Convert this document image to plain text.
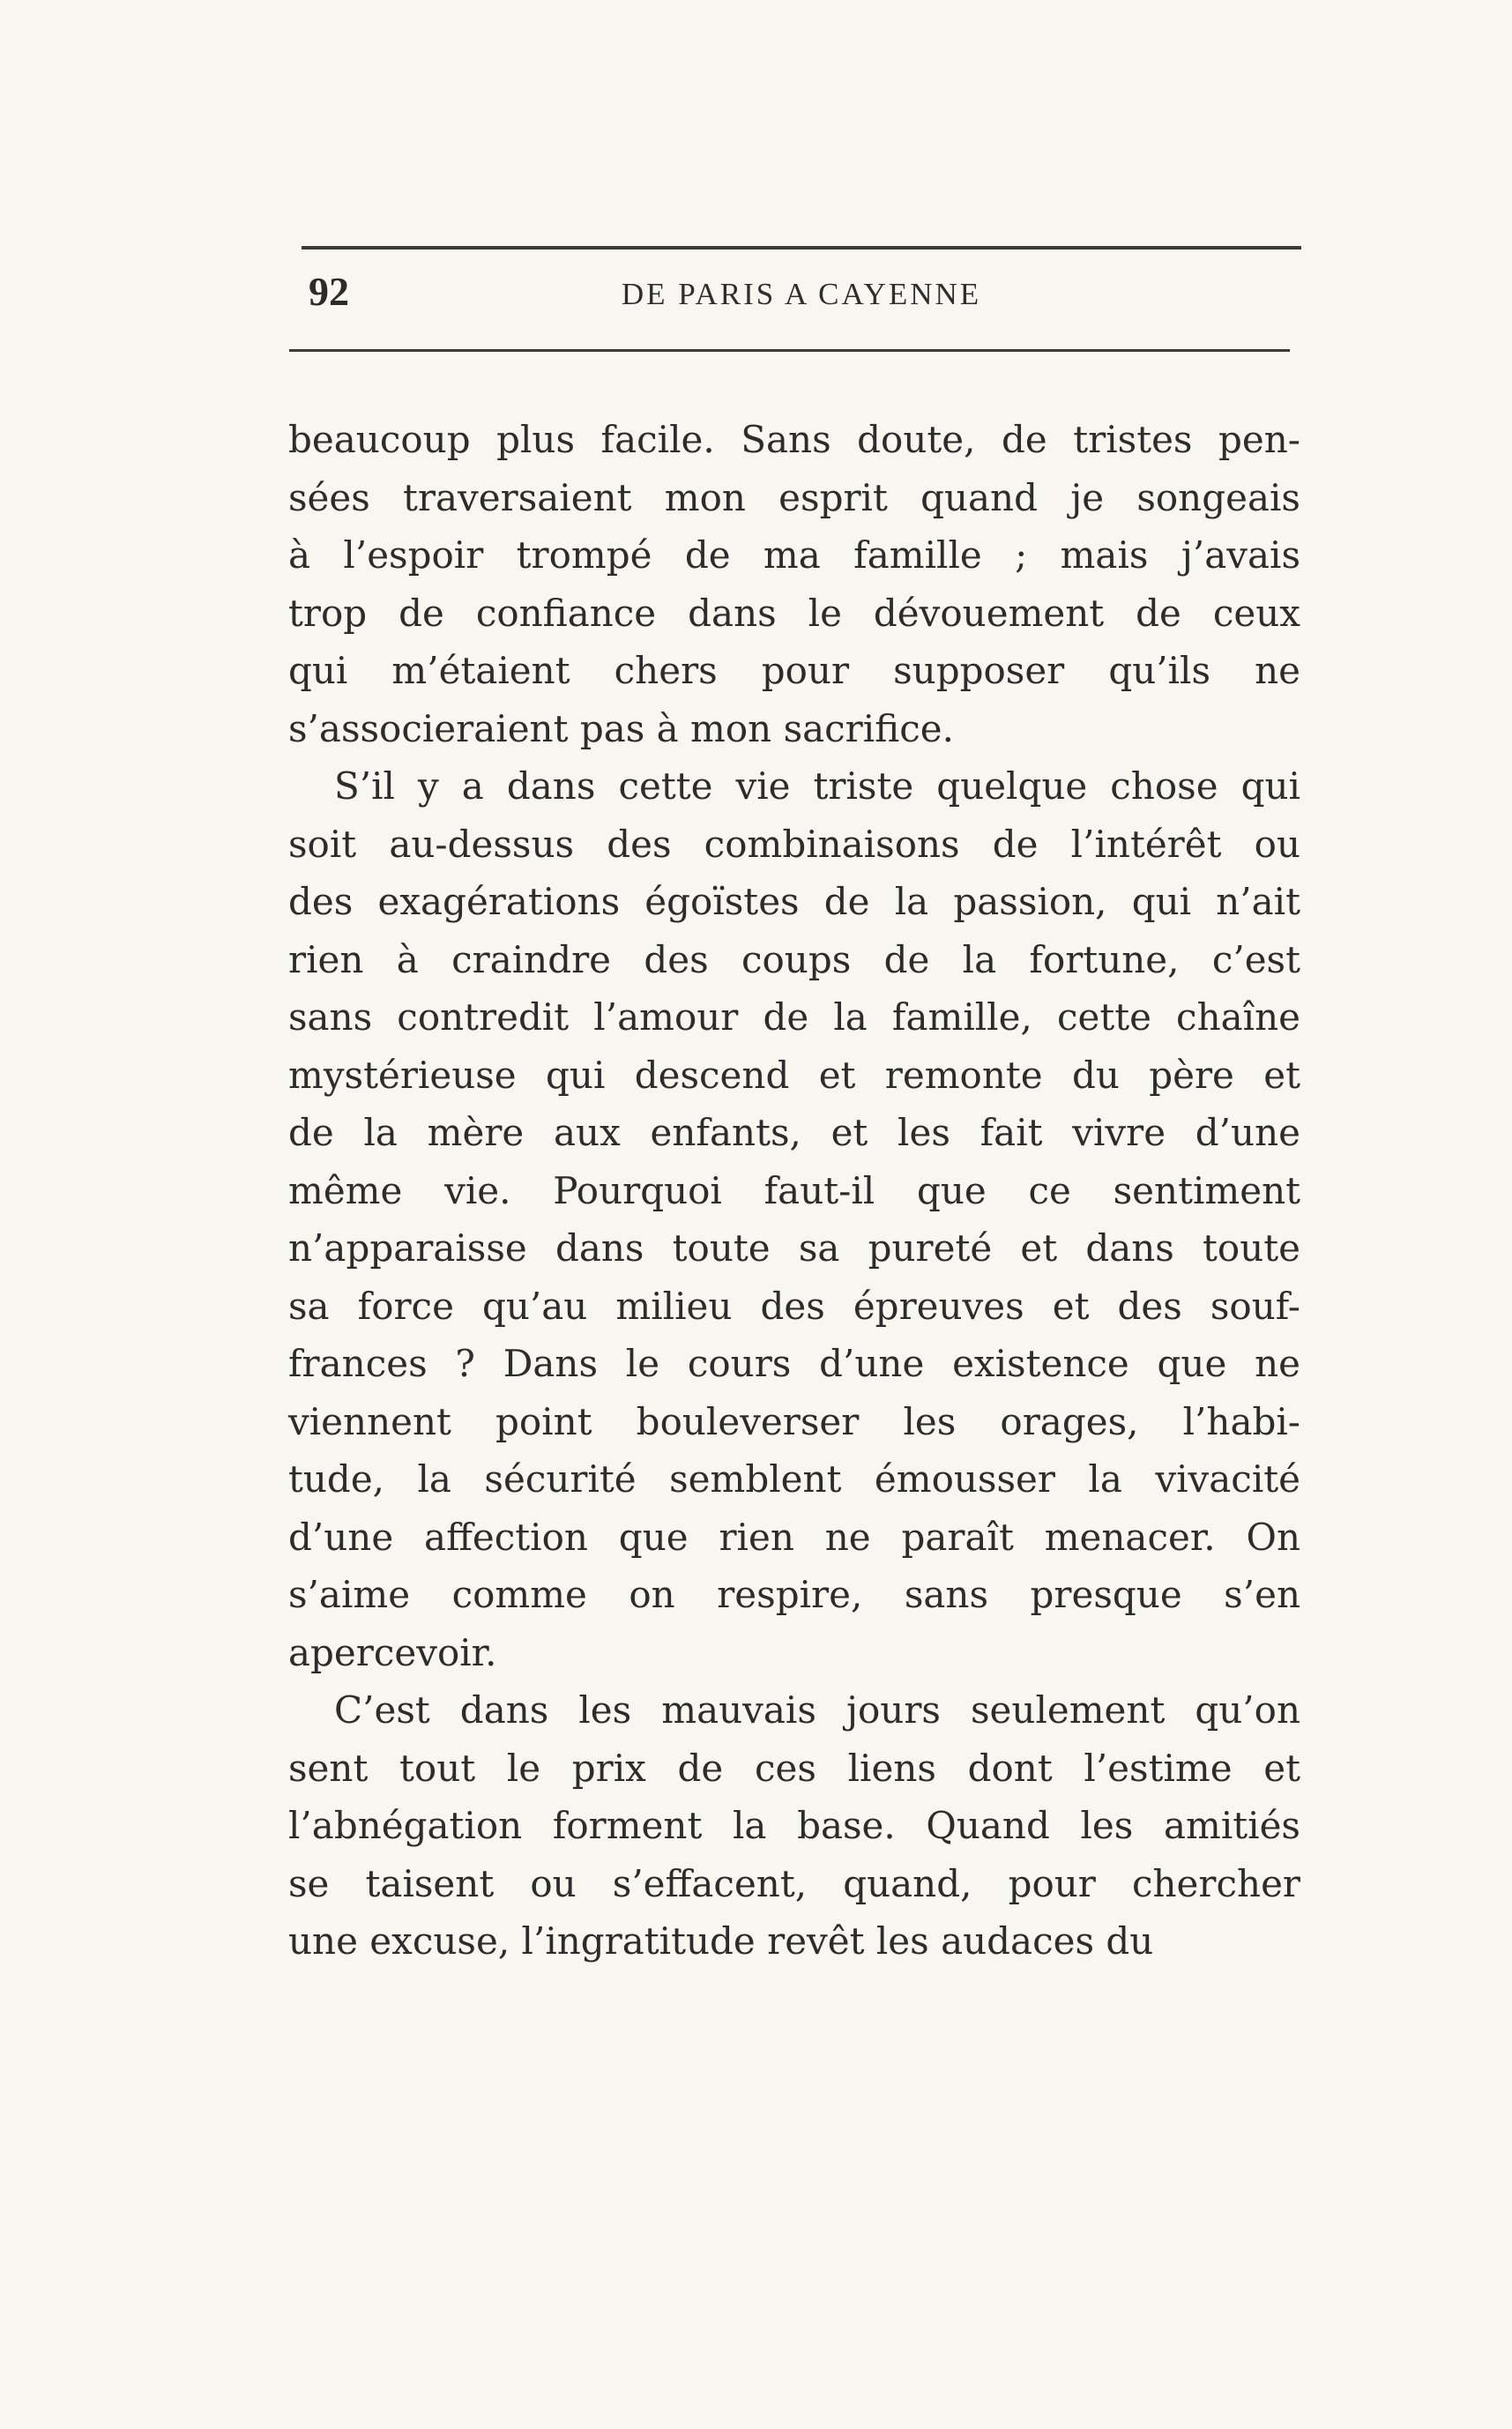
92	DE PARIS A CAYENNE

beaucoup plus facile. Sans doute, de tristes pen-
sées traversaient mon esprit quand je songeais
à l’espoir trompé de ma famille ; mais j’avais
trop de confiance dans le dévouement de ceux
qui m’étaient chers pour supposer qu’ils ne
s’associeraient pas à mon sacrifice.

S’il y a dans cette vie triste quelque chose qui
soit au-dessus des combinaisons de l’intérêt ou
des exagérations égoïstes de la passion, qui n’ait
rien à craindre des coups de la fortune, c’est
sans contredit l’amour de la famille, cette chaîne
mystérieuse qui descend et remonte du père et
de la mère aux enfants, et les fait vivre d’une
même vie. Pourquoi faut-il que ce sentiment
n’apparaisse dans toute sa pureté et dans toute
sa force qu’au milieu des épreuves et des souf-
frances ? Dans le cours d’une existence que ne
viennent point bouleverser les orages, l’habi-
tude, la sécurité semblent émousser la vivacité
d’une affection que rien ne paraît menacer. On
s’aime comme on respire, sans presque s’en
apercevoir.

C’est dans les mauvais jours seulement qu’on
sent tout le prix de ces liens dont l’estime et
l’abnégation forment la base. Quand les amitiés
se taisent ou s’effacent, quand, pour chercher
une excuse, l’ingratitude revêt les audaces du
